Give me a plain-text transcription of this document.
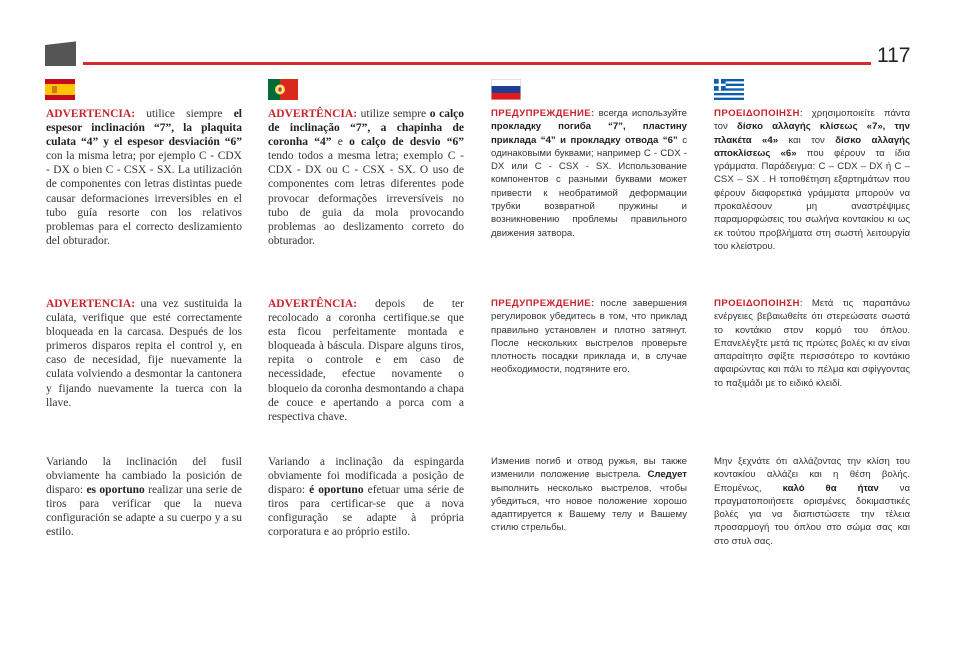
117

ADVERTENCIA: utilice siempre el espesor inclinación “7”, la plaquita culata “4” y el espesor desviación “6” con la misma letra; por ejemplo C - CDX - DX o bien C - CSX - SX. La utilización de componentes con letras distintas puede causar deformaciones irreversibles en el tubo guía resorte con los relativos problemas para el correcto deslizamiento del obturador.

ADVERTENCIA: una vez sustituida la culata, verifique que esté correctamente bloqueada en la carcasa. Después de los primeros disparos repita el control y, en caso de necesidad, fije nuevamente la culata volviendo a desmontar la cantonera y fijando nuevamente la tuerca con la llave.

Variando la inclinación del fusil obviamente ha cambiado la posición de disparo: es oportuno realizar una serie de tiros para verificar que la nueva configuración se adapte a su cuerpo y a su estilo.

ADVERTÊNCIA: utilize sempre o calço de inclinação “7”, a chapinha de coronha “4” e o calço de desvio “6” tendo todos a mesma letra; exemplo C - CDX - DX ou C - CSX - SX. O uso de componentes com letras diferentes pode provocar deformações irreversíveis no tubo de guia da mola provocando problemas ao deslizamento correto do obturador.

ADVERTÊNCIA: depois de ter recolocado a coronha certifique.se que esta ficou perfeitamente montada e bloqueada à báscula. Dispare alguns tiros, repita o controle e em caso de necessidade, efectue novamente o bloqueio da coronha desmontando a chapa de couce e apertando a porca com a respectiva chave.

Variando a inclinação da espingarda obviamente foi modificada a posição de disparo: é oportuno efetuar uma série de tiros para certificar-se que a nova configuração se adapte à própria corporatura e ao próprio estilo.

ПРЕДУПРЕЖДЕНИЕ: всегда используйте прокладку погиба “7”, пластину приклада “4” и прокладку отвода “6” с одинаковыми буквами; например C - CDX - DX или C - CSX - SX. Использование компонентов с разными буквами может привести к необратимой деформации трубки возвратной пружины и возникновению проблемы правильного движения затвора.

ПРЕДУПРЕЖДЕНИЕ: после завершения регулировок убедитесь в том, что приклад правильно установлен и плотно затянут. После нескольких выстрелов проверьте плотность посадки приклада и, в случае необходимости, подтяните его.

Изменив погиб и отвод ружья, вы также изменили положение выстрела. Следует выполнить несколько выстрелов, чтобы убедиться, что новое положение хорошо адаптируется к Вашему телу и Вашему стилю стрельбы.

ΠΡΟΕΙΔΟΠΟΙΗΣΗ: χρησιμοποιείτε πάντα τον δίσκο αλλαγής κλίσεως «7», την πλακέτα «4» και τον δίσκο αλλαγής αποκλίσεως «6» που φέρουν τα ίδια γράμματα. Παράδειγμα: C – CDX – DX ή C – CSX – SX . Η τοποθέτηση εξαρτημάτων που φέρουν διαφορετικά γράμματα μπορούν να προκαλέσουν μη αναστρέψιμες παραμορφώσεις του σωλήνα κοντακίου κι ως εκ τούτου προβλήματα στη σωστή λειτουργία του κλείστρου.

ΠΡΟΕΙΔΟΠΟΙΗΣΗ: Μετά τις παραπάνω ενέργειες βεβαιωθείτε ότι στερεώσατε σωστά το κοντάκιο στον κορμό του όπλου. Επανελέγξτε μετά τις πρώτες βολές κι αν είναι απαραίτητο σφίξτε περισσότερο το κοντάκιο αφαιρώντας και πάλι το πέλμα και σφίγγοντας το παξιμάδι με το ειδικό κλειδί.

Μην ξεχνάτε ότι αλλάζοντας την κλίση του κοντακίου αλλάζει και η θέση βολής. Επομένως, καλό θα ήταν να πραγματοποιήσετε ορισμένες δοκιμαστικές βολές για να διαπιστώσετε την τέλεια προσαρμογή του όπλου στο σώμα σας και στο στυλ σας.
